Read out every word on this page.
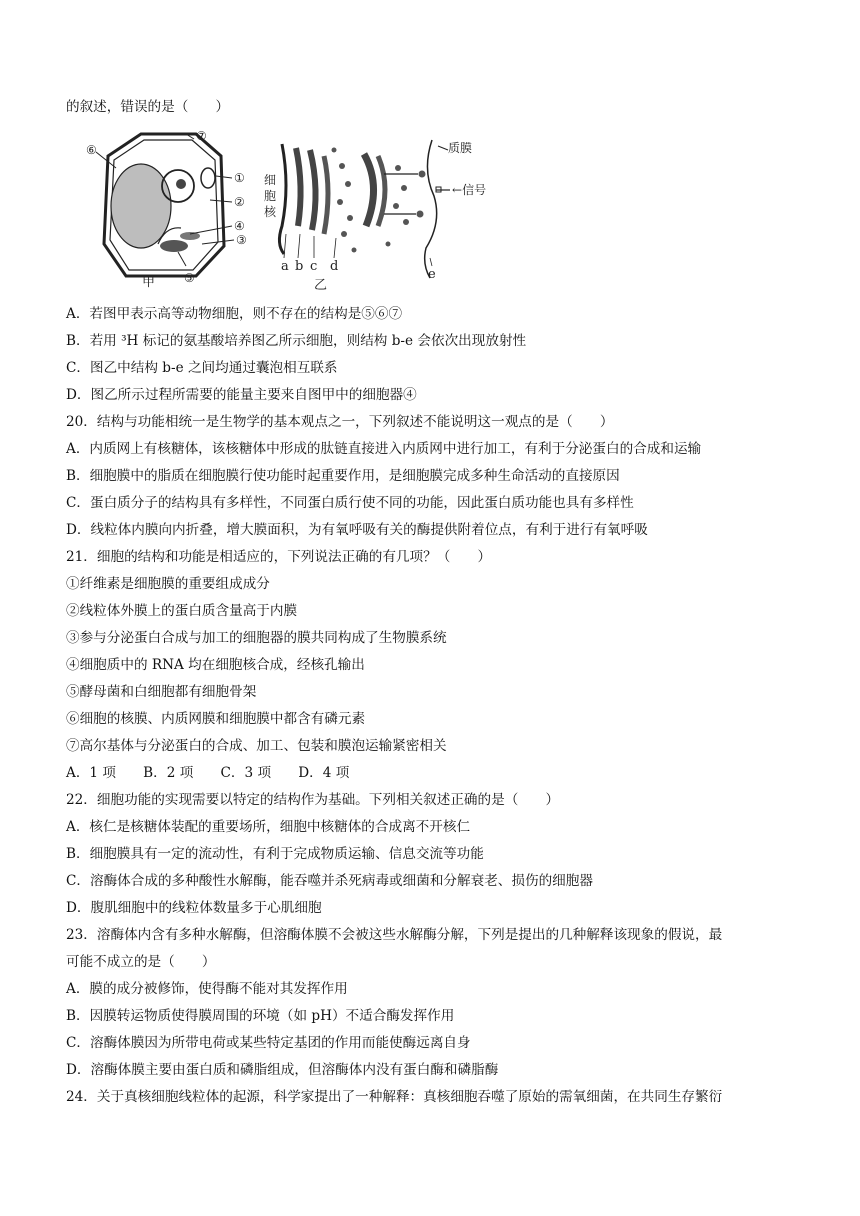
的叙述，错误的是（　　）
⑦
⑥
①
②
④
③
⑤
甲
细
胞
核
质膜
←信号
a b c d
e
乙
A．若图甲表示高等动物细胞，则不存在的结构是⑤⑥⑦
B．若用 ³H 标记的氨基酸培养图乙所示细胞，则结构 b-e 会依次出现放射性
C．图乙中结构 b-e 之间均通过囊泡相互联系
D．图乙所示过程所需要的能量主要来自图甲中的细胞器④
20．结构与功能相统一是生物学的基本观点之一，下列叙述不能说明这一观点的是（　　）
A．内质网上有核糖体，该核糖体中形成的肽链直接进入内质网中进行加工，有利于分泌蛋白的合成和运输
B．细胞膜中的脂质在细胞膜行使功能时起重要作用，是细胞膜完成多种生命活动的直接原因
C．蛋白质分子的结构具有多样性，不同蛋白质行使不同的功能，因此蛋白质功能也具有多样性
D．线粒体内膜向内折叠，增大膜面积，为有氧呼吸有关的酶提供附着位点，有利于进行有氧呼吸
21．细胞的结构和功能是相适应的，下列说法正确的有几项？（　　）
①纤维素是细胞膜的重要组成成分
②线粒体外膜上的蛋白质含量高于内膜
③参与分泌蛋白合成与加工的细胞器的膜共同构成了生物膜系统
④细胞质中的 RNA 均在细胞核合成，经核孔输出
⑤酵母菌和白细胞都有细胞骨架
⑥细胞的核膜、内质网膜和细胞膜中都含有磷元素
⑦高尔基体与分泌蛋白的合成、加工、包装和膜泡运输紧密相关
A．1 项　　B．2 项　　C．3 项　　D．4 项
22．细胞功能的实现需要以特定的结构作为基础。下列相关叙述正确的是（　　）
A．核仁是核糖体装配的重要场所，细胞中核糖体的合成离不开核仁
B．细胞膜具有一定的流动性，有利于完成物质运输、信息交流等功能
C．溶酶体合成的多种酸性水解酶，能吞噬并杀死病毒或细菌和分解衰老、损伤的细胞器
D．腹肌细胞中的线粒体数量多于心肌细胞
23．溶酶体内含有多种水解酶，但溶酶体膜不会被这些水解酶分解，下列是提出的几种解释该现象的假说，最
可能不成立的是（　　）
A．膜的成分被修饰，使得酶不能对其发挥作用
B．因膜转运物质使得膜周围的环境（如 pH）不适合酶发挥作用
C．溶酶体膜因为所带电荷或某些特定基团的作用而能使酶远离自身
D．溶酶体膜主要由蛋白质和磷脂组成，但溶酶体内没有蛋白酶和磷脂酶
24．关于真核细胞线粒体的起源，科学家提出了一种解释：真核细胞吞噬了原始的需氧细菌，在共同生存繁衍
